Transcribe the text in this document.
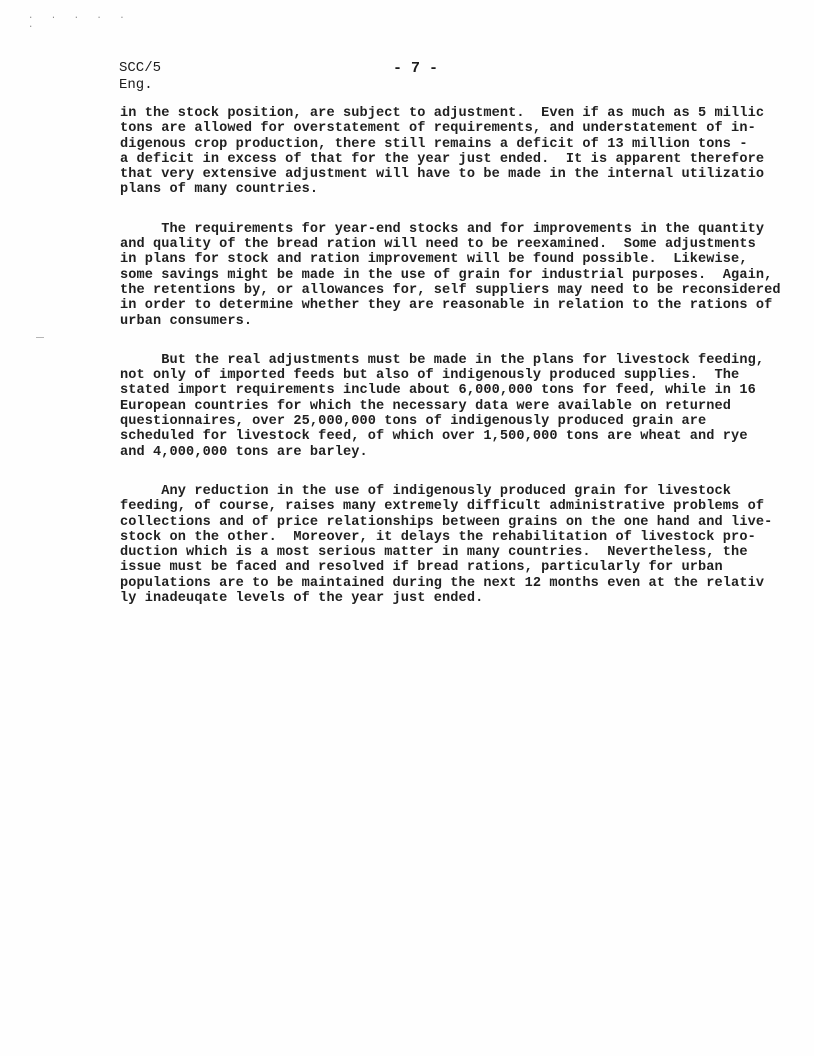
· · · · ·
·
SCC/5
Eng.
- 7 -
in the stock position, are subject to adjustment.  Even if as much as 5 millic
tons are allowed for overstatement of requirements, and understatement of in-
digenous crop production, there still remains a deficit of 13 million tons -
a deficit in excess of that for the year just ended.  It is apparent therefore
that very extensive adjustment will have to be made in the internal utilizatio
plans of many countries.
The requirements for year-end stocks and for improvements in the quantity
and quality of the bread ration will need to be reexamined.  Some adjustments
in plans for stock and ration improvement will be found possible.  Likewise,
some savings might be made in the use of grain for industrial purposes.  Again,
the retentions by, or allowances for, self suppliers may need to be reconsidered
in order to determine whether they are reasonable in relation to the rations of
urban consumers.
But the real adjustments must be made in the plans for livestock feeding,
not only of imported feeds but also of indigenously produced supplies.  The
stated import requirements include about 6,000,000 tons for feed, while in 16
European countries for which the necessary data were available on returned
questionnaires, over 25,000,000 tons of indigenously produced grain are
scheduled for livestock feed, of which over 1,500,000 tons are wheat and rye
and 4,000,000 tons are barley.
Any reduction in the use of indigenously produced grain for livestock
feeding, of course, raises many extremely difficult administrative problems of
collections and of price relationships between grains on the one hand and live-
stock on the other.  Moreover, it delays the rehabilitation of livestock pro-
duction which is a most serious matter in many countries.  Nevertheless, the
issue must be faced and resolved if bread rations, particularly for urban
populations are to be maintained during the next 12 months even at the relativ
ly inadeuqate levels of the year just ended.
